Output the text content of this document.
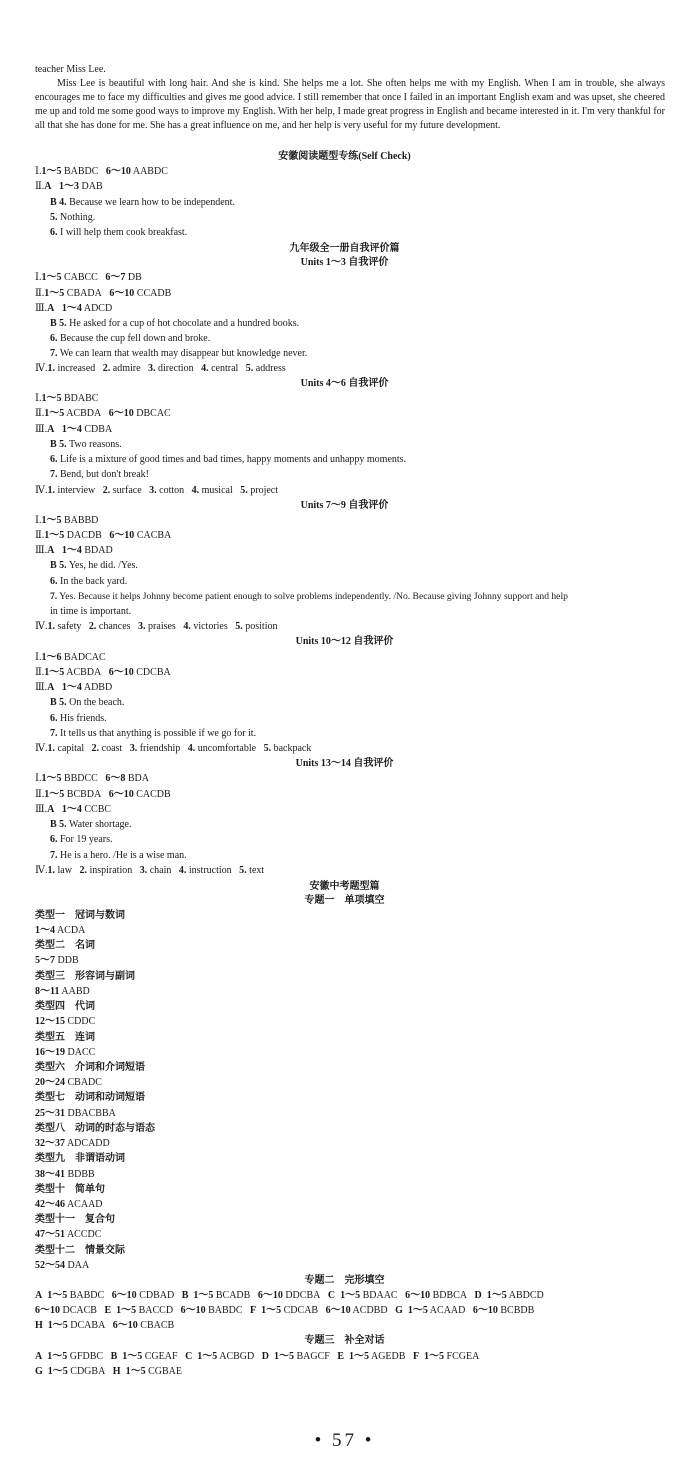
teacher Miss Lee.
Miss Lee is beautiful with long hair. And she is kind. She helps me a lot. She often helps me with my English. When I am in trouble, she always encourages me to face my difficulties and gives me good advice. I still remember that once I failed in an important English exam and was upset, she cheered me up and told me some good ways to improve my English. With her help, I made great progress in English and became interested in it. I'm very thankful for all that she has done for me. She has a great influence on me, and her help is very useful for my future development.
安徽阅读题型专练(Self Check)
Ⅰ.1～5 BABDC 6～10 AABDC
Ⅱ.A 1～3 DAB
B 4. Because we learn how to be independent.
5. Nothing.
6. I will help them cook breakfast.
九年级全一册自我评价篇
Units 1～3 自我评价
Ⅰ.1～5 CABCC 6～7 DB
Ⅱ.1～5 CBADA 6～10 CCADB
Ⅲ.A 1～4 ADCD
B 5. He asked for a cup of hot chocolate and a hundred books.
6. Because the cup fell down and broke.
7. We can learn that wealth may disappear but knowledge never.
Ⅳ.1. increased 2. admire 3. direction 4. central 5. address
Units 4～6 自我评价
Ⅰ.1～5 BDABC
Ⅱ.1～5 ACBDA 6～10 DBCAC
Ⅲ.A 1～4 CDBA
B 5. Two reasons.
6. Life is a mixture of good times and bad times, happy moments and unhappy moments.
7. Bend, but don't break!
Ⅳ.1. interview 2. surface 3. cotton 4. musical 5. project
Units 7～9 自我评价
Ⅰ.1～5 BABBD
Ⅱ.1～5 DACDB 6～10 CACBA
Ⅲ.A 1～4 BDAD
B 5. Yes, he did. /Yes.
6. In the back yard.
7. Yes. Because it helps Johnny become patient enough to solve problems independently. /No. Because giving Johnny support and help
in time is important.
Ⅳ.1. safety 2. chances 3. praises 4. victories 5. position
Units 10～12 自我评价
Ⅰ.1～6 BADCAC
Ⅱ.1～5 ACBDA 6～10 CDCBA
Ⅲ.A 1～4 ADBD
B 5. On the beach.
6. His friends.
7. It tells us that anything is possible if we go for it.
Ⅳ.1. capital 2. coast 3. friendship 4. uncomfortable 5. backpack
Units 13～14 自我评价
Ⅰ.1～5 BBDCC 6～8 BDA
Ⅱ.1～5 BCBDA 6～10 CACDB
Ⅲ.A 1～4 CCBC
B 5. Water shortage.
6. For 19 years.
7. He is a hero. /He is a wise man.
Ⅳ.1. law 2. inspiration 3. chain 4. instruction 5. text
安徽中考题型篇
专题一　单项填空
类型一　冠词与数词
1～4 ACDA
类型二　名词
5～7 DDB
类型三　形容词与副词
8～11 AABD
类型四　代词
12～15 CDDC
类型五　连词
16～19 DACC
类型六　介词和介词短语
20～24 CBADC
类型七　动词和动词短语
25～31 DBACBBA
类型八　动词的时态与语态
32～37 ADCADD
类型九　非谓语动词
38～41 BDBB
类型十　简单句
42～46 ACAAD
类型十一　复合句
47～51 ACCDC
类型十二　情景交际
52～54 DAA
专题二　完形填空
A 1～5 BABDC 6～10 CDBAD B 1～5 BCADB 6～10 DDCBA C 1～5 BDAAC 6～10 BDBCA D 1～5 ABDCD
6～10 DCACB E 1～5 BACCD 6～10 BABDC F 1～5 CDCAB 6～10 ACDBD G 1～5 ACAAD 6～10 BCBDB
H 1～5 DCABA 6～10 CBACB
专题三　补全对话
A 1～5 GFDBC B 1～5 CGEAF C 1～5 ACBGD D 1～5 BAGCF E 1～5 AGEDB F 1～5 FCGEA
G 1～5 CDGBA H 1～5 CGBAE
• 57 •
